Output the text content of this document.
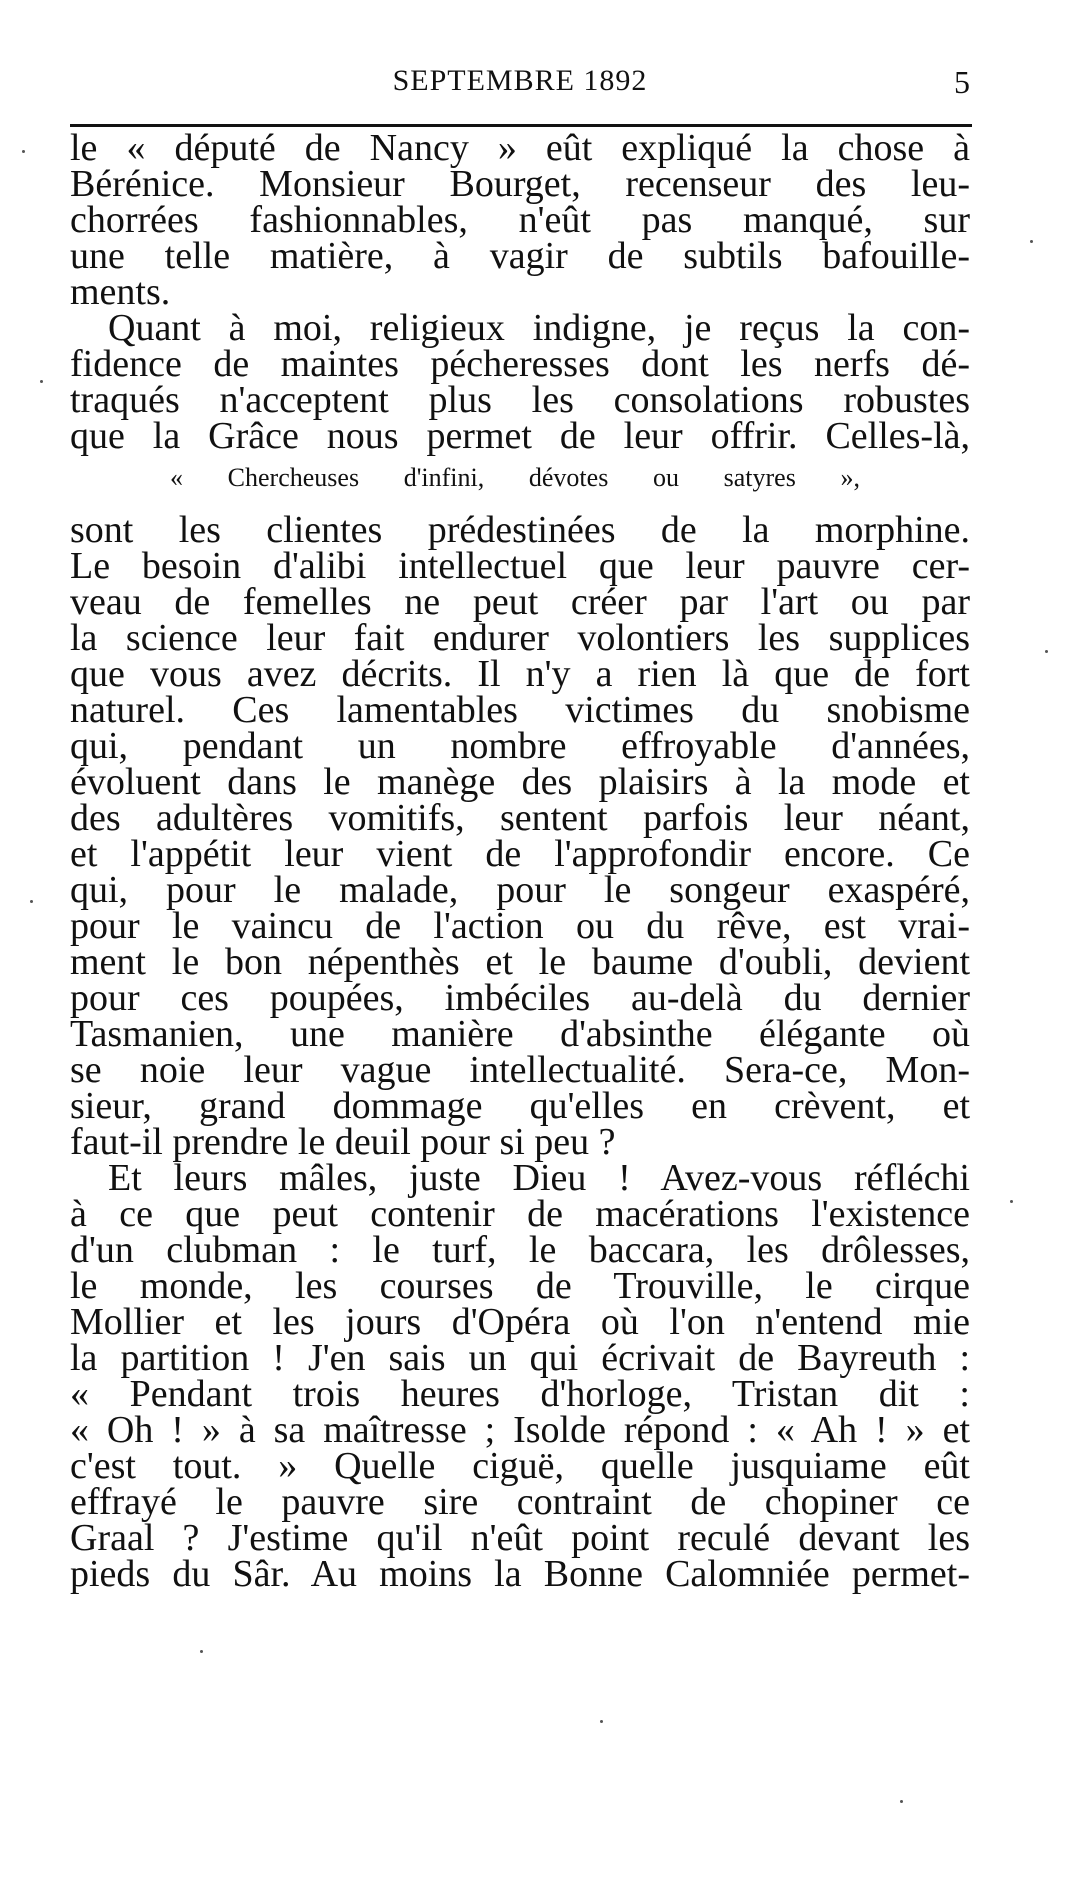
SEPTEMBRE 1892	5
le « député de Nancy » eût expliqué la chose à
Bérénice. Monsieur Bourget, recenseur des leu-
chorrées fashionnables, n'eût pas manqué, sur
une telle matière, à vagir de subtils bafouille-
ments.
Quant à moi, religieux indigne, je reçus la con-
fidence de maintes pécheresses dont les nerfs dé-
traqués n'acceptent plus les consolations robustes
que la Grâce nous permet de leur offrir. Celles-là,
« Chercheuses d'infini, dévotes ou satyres »,
sont les clientes prédestinées de la morphine.
Le besoin d'alibi intellectuel que leur pauvre cer-
veau de femelles ne peut créer par l'art ou par
la science leur fait endurer volontiers les supplices
que vous avez décrits. Il n'y a rien là que de fort
naturel. Ces lamentables victimes du snobisme
qui, pendant un nombre effroyable d'années,
évoluent dans le manège des plaisirs à la mode et
des adultères vomitifs, sentent parfois leur néant,
et l'appétit leur vient de l'approfondir encore. Ce
qui, pour le malade, pour le songeur exaspéré,
pour le vaincu de l'action ou du rêve, est vrai-
ment le bon népenthès et le baume d'oubli, devient
pour ces poupées, imbéciles au-delà du dernier
Tasmanien, une manière d'absinthe élégante où
se noie leur vague intellectualité. Sera-ce, Mon-
sieur, grand dommage qu'elles en crèvent, et
faut-il prendre le deuil pour si peu ?
Et leurs mâles, juste Dieu ! Avez-vous réfléchi
à ce que peut contenir de macérations l'existence
d'un clubman : le turf, le baccara, les drôlesses,
le monde, les courses de Trouville, le cirque
Mollier et les jours d'Opéra où l'on n'entend mie
la partition ! J'en sais un qui écrivait de Bayreuth :
« Pendant trois heures d'horloge, Tristan dit :
« Oh ! » à sa maîtresse ; Isolde répond : « Ah ! » et
c'est tout. » Quelle ciguë, quelle jusquiame eût
effrayé le pauvre sire contraint de chopiner ce
Graal ? J'estime qu'il n'eût point reculé devant les
pieds du Sâr. Au moins la Bonne Calomniée permet-
